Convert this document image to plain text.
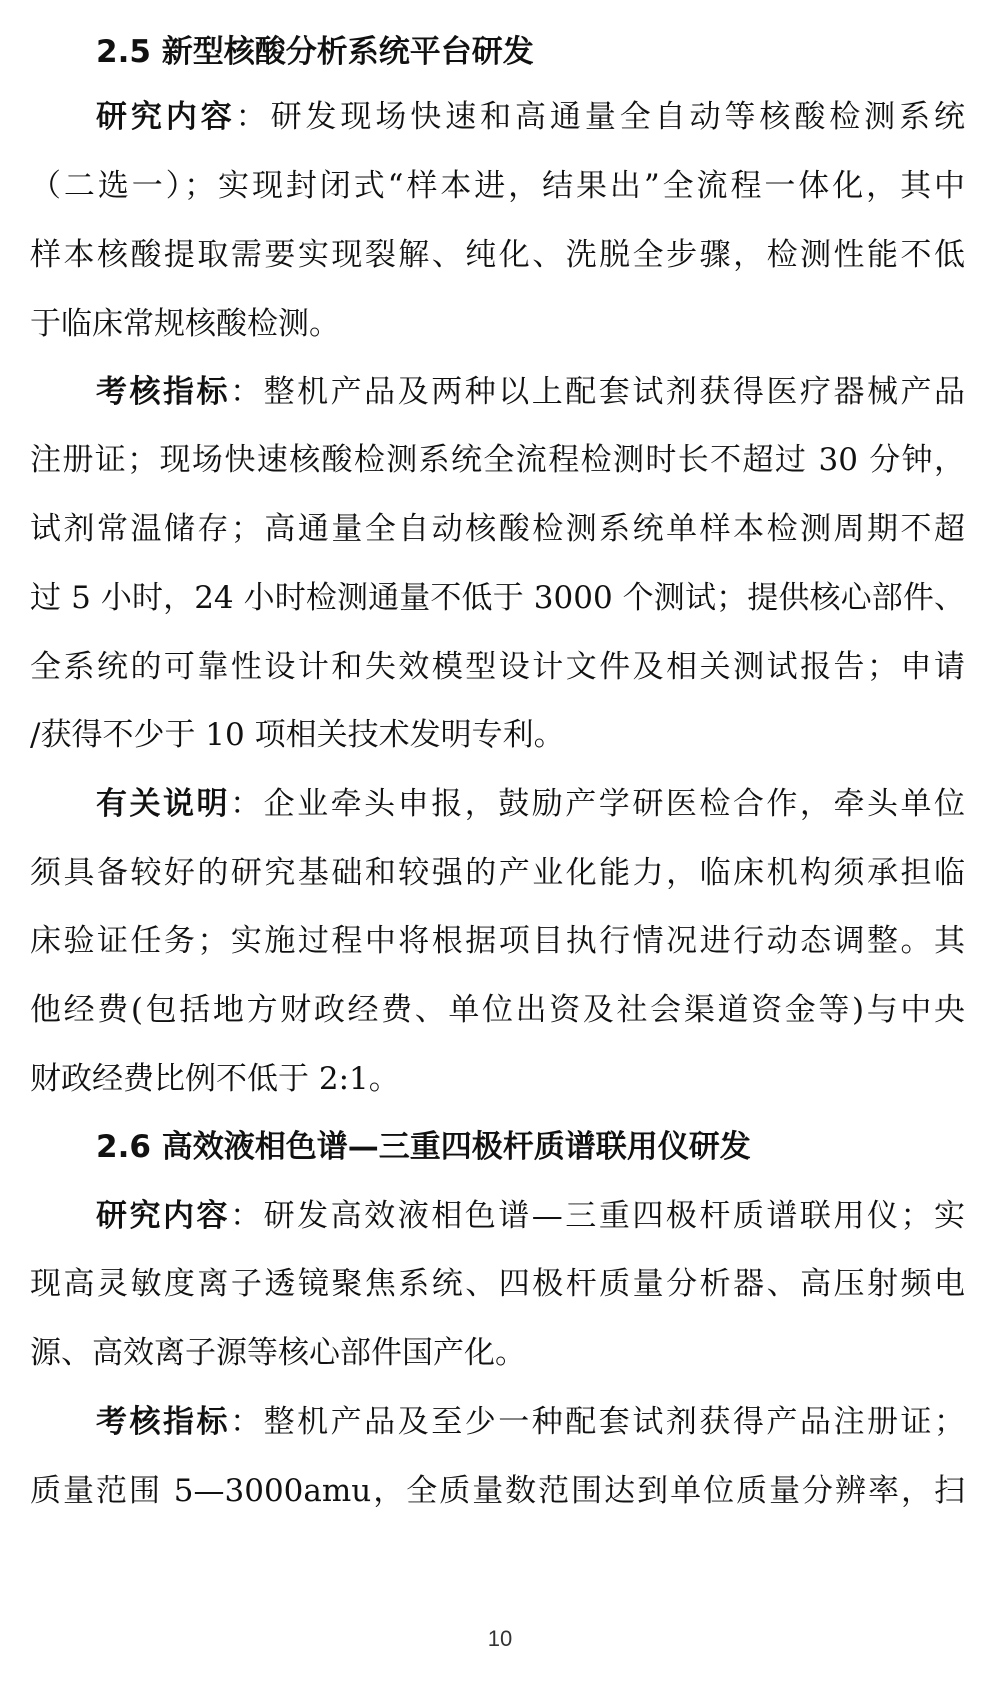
2.5 新型核酸分析系统平台研发
研究内容：研发现场快速和高通量全自动等核酸检测系统
（二选一）；实现封闭式“样本进，结果出”全流程一体化，其中
样本核酸提取需要实现裂解、纯化、洗脱全步骤，检测性能不低
于临床常规核酸检测。
考核指标：整机产品及两种以上配套试剂获得医疗器械产品
注册证；现场快速核酸检测系统全流程检测时长不超过 30 分钟，
试剂常温储存；高通量全自动核酸检测系统单样本检测周期不超
过 5 小时，24 小时检测通量不低于 3000 个测试；提供核心部件、
全系统的可靠性设计和失效模型设计文件及相关测试报告；申请
/获得不少于 10 项相关技术发明专利。
有关说明：企业牵头申报，鼓励产学研医检合作，牵头单位
须具备较好的研究基础和较强的产业化能力，临床机构须承担临
床验证任务；实施过程中将根据项目执行情况进行动态调整。其
他经费(包括地方财政经费、单位出资及社会渠道资金等)与中央
财政经费比例不低于 2:1。
2.6 高效液相色谱—三重四极杆质谱联用仪研发
研究内容：研发高效液相色谱—三重四极杆质谱联用仪；实
现高灵敏度离子透镜聚焦系统、四极杆质量分析器、高压射频电
源、高效离子源等核心部件国产化。
考核指标：整机产品及至少一种配套试剂获得产品注册证；
质量范围 5—3000amu，全质量数范围达到单位质量分辨率，扫
10
